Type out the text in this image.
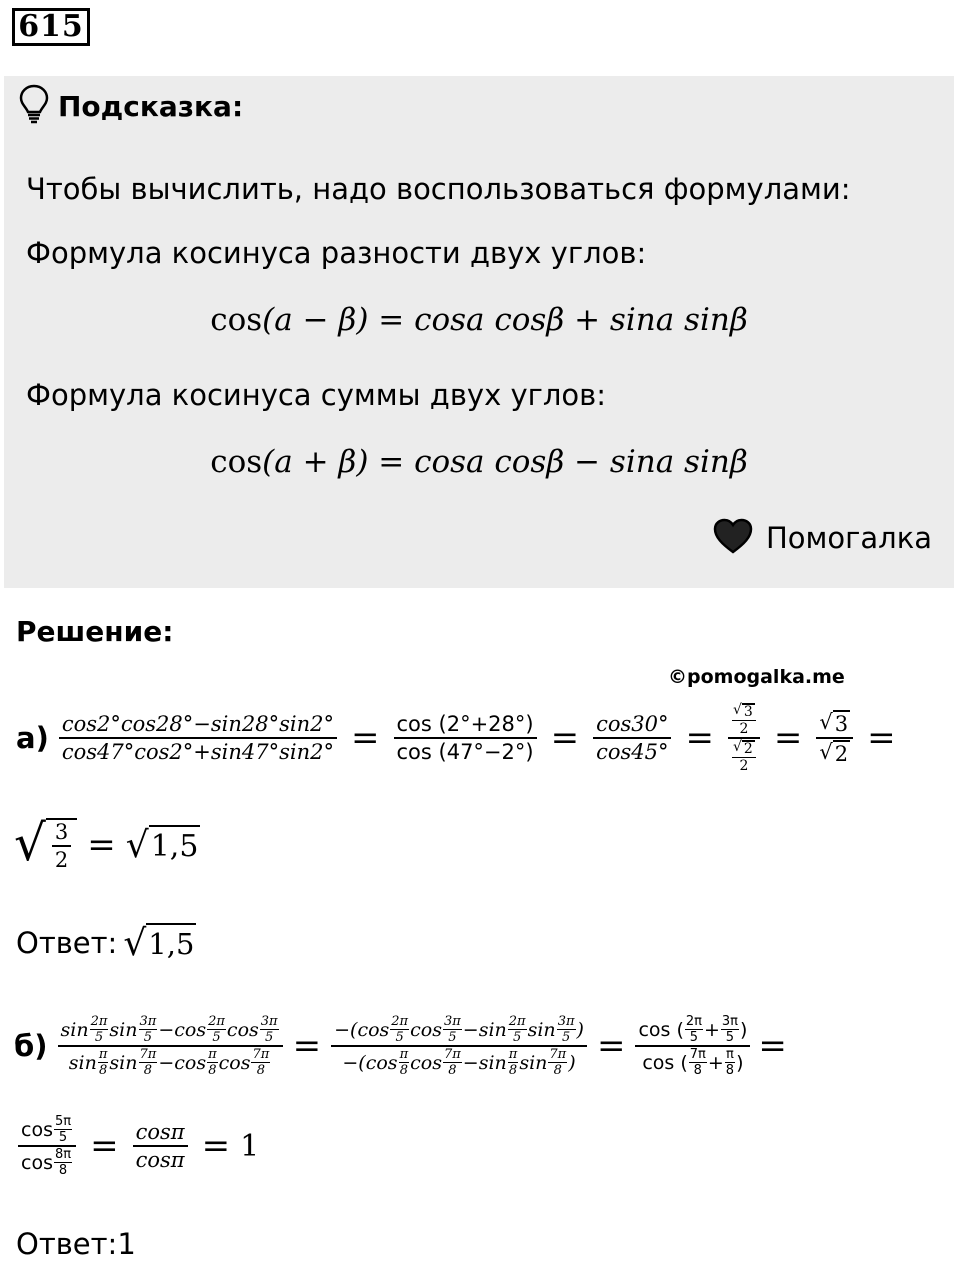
615
Подсказка:
Чтобы вычислить, надо воспользоваться формулами:
Формула косинуса разности двух углов:
cos(a − β) = cosa cosβ + sina sinβ
Формула косинуса суммы двух углов:
cos(a + β) = cosa cosβ − sina sinβ
Помогалка
Решение:
©pomogalka.me
$а) \frac{\cos 2^\circ\cos 28^\circ-\sin 28^\circ\sin 2^\circ}{\cos 47^\circ\cos 2^\circ+\sin 47^\circ\sin 2^\circ} = \frac{\cos (2^\circ+28^\circ)}{\cos (47^\circ-2^\circ)} = \frac{\cos 30^\circ}{\cos 45^\circ} = \frac{\frac{√ 3}{2}}{\frac{√ 2}{2}} = \frac{√ 3}{√ 2}$ =
√ $\frac{3}{2}$ = √ 1,5
Ответ: √ 1,5
б) sin 2π
5 sin 3π
5 − cos 2π
5 cos 3π
5
sin π
8 sin 7π
8 − cos π
8 cos 7π
8 = −( cos 2π
5 cos 3π
5 − sin 2π
5 sin 3π
5 )
−( cos π
8 cos 7π
8 − sin π
8 sin 7π
8 ) = cos ( 2π
$5 + \frac{3\pi}{5}$ )
cos ( 7π
$8 + \frac{\pi}{8}$ ) =
cos 5π
5
cos 8π
$8 = \frac{\cos\pi}{\cos\pi} = 1$
Ответ:1
